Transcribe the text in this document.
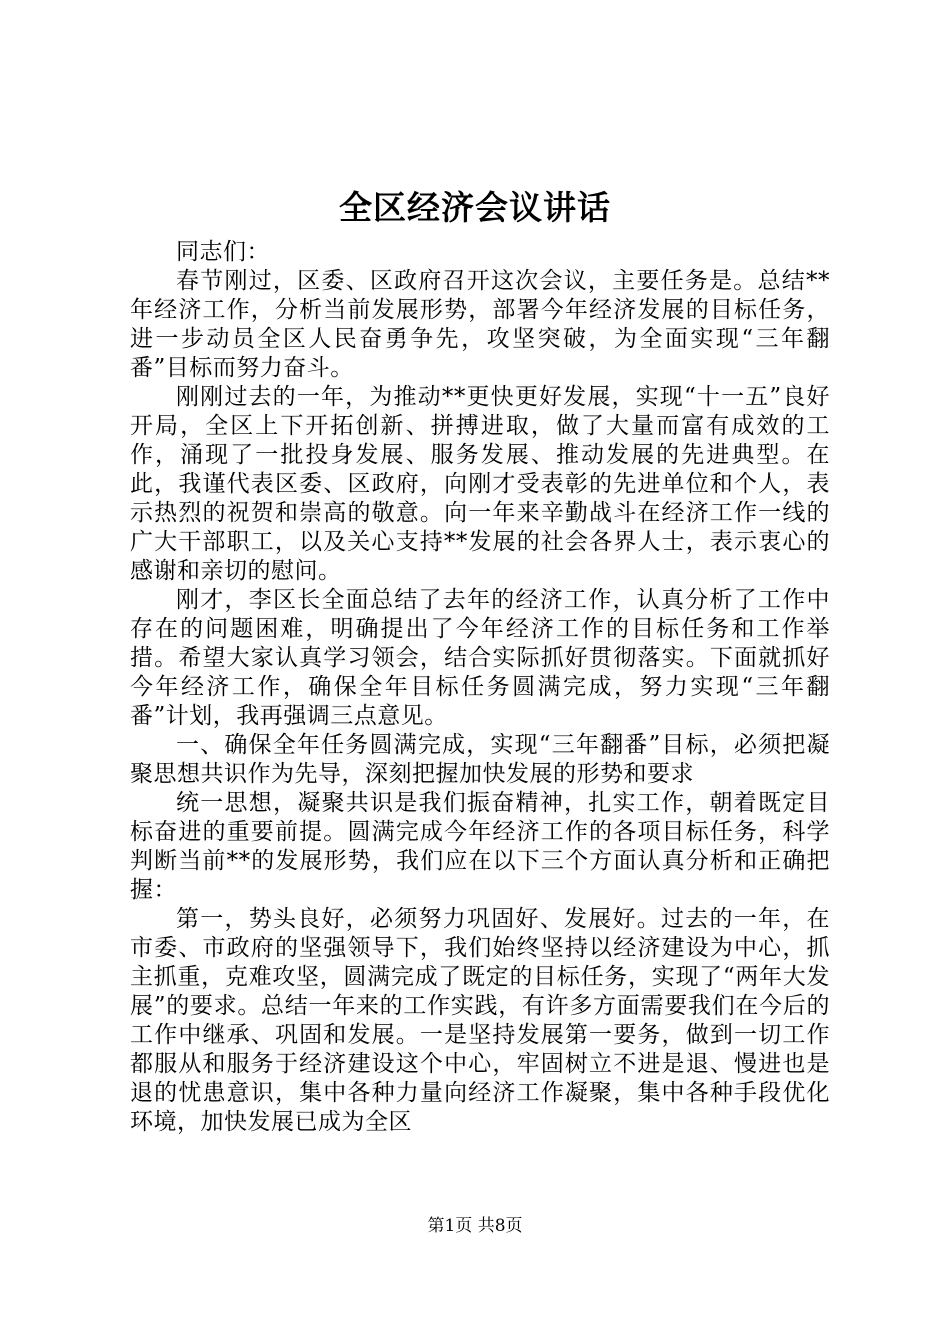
全区经济会议讲话

同志们：

春节刚过，区委、区政府召开这次会议，主要任务是。总结**年经济工作，分析当前发展形势，部署今年经济发展的目标任务，进一步动员全区人民奋勇争先，攻坚突破，为全面实现“三年翻番”目标而努力奋斗。

刚刚过去的一年，为推动**更快更好发展，实现“十一五”良好开局，全区上下开拓创新、拼搏进取，做了大量而富有成效的工作，涌现了一批投身发展、服务发展、推动发展的先进典型。在此，我谨代表区委、区政府，向刚才受表彰的先进单位和个人，表示热烈的祝贺和崇高的敬意。向一年来辛勤战斗在经济工作一线的广大干部职工，以及关心支持**发展的社会各界人士，表示衷心的感谢和亲切的慰问。

刚才，李区长全面总结了去年的经济工作，认真分析了工作中存在的问题困难，明确提出了今年经济工作的目标任务和工作举措。希望大家认真学习领会，结合实际抓好贯彻落实。下面就抓好今年经济工作，确保全年目标任务圆满完成，努力实现“三年翻番”计划，我再强调三点意见。

一、确保全年任务圆满完成，实现“三年翻番”目标，必须把凝聚思想共识作为先导，深刻把握加快发展的形势和要求

统一思想，凝聚共识是我们振奋精神，扎实工作，朝着既定目标奋进的重要前提。圆满完成今年经济工作的各项目标任务，科学判断当前**的发展形势，我们应在以下三个方面认真分析和正确把握：

第一，势头良好，必须努力巩固好、发展好。过去的一年，在市委、市政府的坚强领导下，我们始终坚持以经济建设为中心，抓主抓重，克难攻坚，圆满完成了既定的目标任务，实现了“两年大发展”的要求。总结一年来的工作实践，有许多方面需要我们在今后的工作中继承、巩固和发展。一是坚持发展第一要务，做到一切工作都服从和服务于经济建设这个中心，牢固树立不进是退、慢进也是退的忧患意识，集中各种力量向经济工作凝聚，集中各种手段优化环境，加快发展已成为全区

第1页 共8页
